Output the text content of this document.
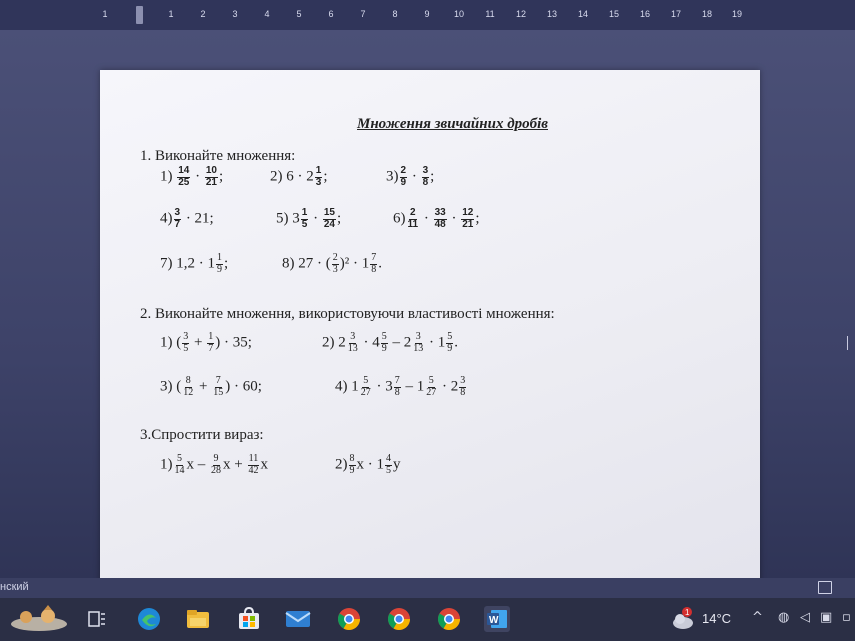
1	1	2	3	4	5	6	7	8	9	10 11 12 13 14 15 16 17 18 19
Множення звичайних дробів
1. Виконайте множення:
$1) \frac{14}{25} \cdot \frac{10}{21}$ ;	2) $6 \cdot 2 \frac{1}{3}$ ;	$3) \frac{2}{9} \cdot \frac{3}{8}$ ;
$4) \frac{3}{7} \cdot 21$;	5) $3 \frac{1}{5} \cdot \frac{15}{24}$ ;	$6) \frac{2}{11} \cdot \frac{33}{48} \cdot \frac{12}{21}$ ;
7) $1,2 \cdot 1 \frac{1}{9}$ ;	8) 27 · ( $\frac{2}{3} )^2 \cdot 1 \frac{7}{8}$ .
2. Виконайте множення, використовуючи властивості множення:
1) ( $\frac{3}{5} + \frac{1}{7}$ ) · 35;	2) $2 \frac{3}{13} \cdot 4 \frac{5}{9} - 2 \frac{3}{13} \cdot 1 \frac{5}{9}$ .
3) ( $\frac{8}{12} + \frac{7}{15}$ ) · 60;	4) $1 \frac{5}{27} \cdot 3 \frac{7}{8} - 1 \frac{5}{27} \cdot 2 \frac{3}{8}$
3.Спростити вираз:
$1) \frac{5}{14}$ x – $\frac{9}{28}$ $x + \frac{11}{42}$ x	$2) \frac{8}{9}$ $x \cdot 1 \frac{4}{5}$ y
нский
W
1 14°C ^ ◍ ◁ ▣ ▫
